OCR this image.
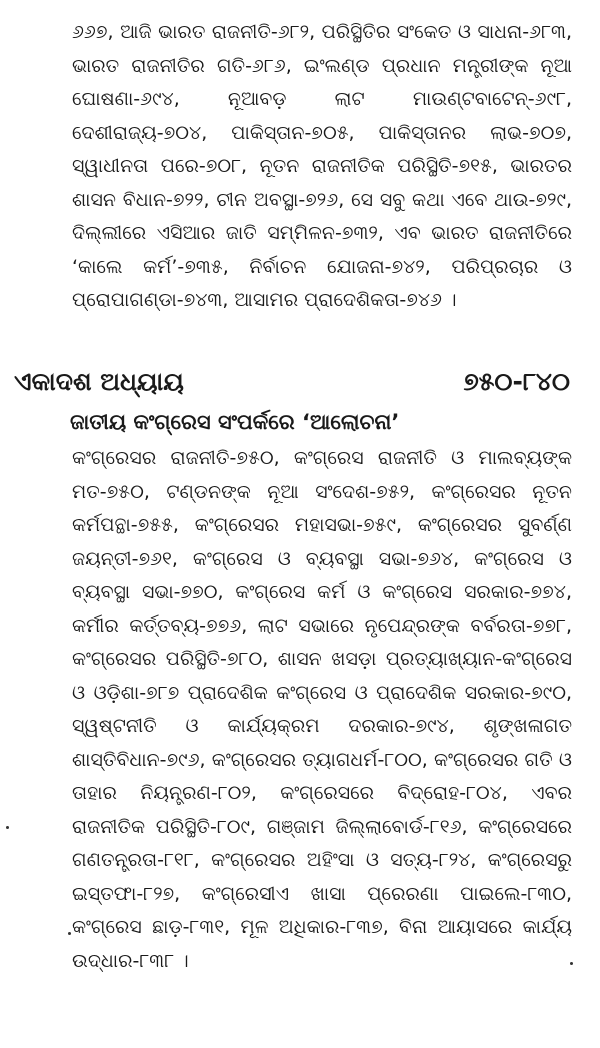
୬୬୭, ଆଜି ଭାରତ ରାଜନୀତି-୬୮୨, ପରିସ୍ଥିତିର ସଂକେତ ଓ ସାଧନା-୬୮୩, ଭାରତ ରାଜନୀତିର ଗତି-୬୮୬, ଇଂଲଣ୍ଡ ପ୍ରଧାନ ମନ୍ତ୍ରୀଙ୍କ ନୂଆ ଘୋଷଣା-୬୯୪, ନୂଆବଡ଼ ଲାଟ ମାଉଣ୍ଟବାଟେନ୍-୬୯୮, ଦେଶୀରାଜ୍ୟ-୭୦୪, ପାକିସ୍ତାନ-୭୦୫, ପାକିସ୍ତାନର ଲାଭ-୭୦୭, ସ୍ୱାଧୀନତା ପରେ-୭୦୮, ନୂତନ ରାଜନୀତିକ ପରିସ୍ଥିତି-୭୧୫, ଭାରତର ଶାସନ ବିଧାନ-୭୨୨, ଚୀନ ଅବସ୍ଥା-୭୨୬, ସେ ସବୁ କଥା ଏବେ ଥାଉ-୭୨୯, ଦିଲ୍ଲୀରେ ଏସିଆର ଜାତି ସମ୍ମିଳନ-୭୩୨, ଏବ ଭାରତ ରାଜନୀତିରେ ‘କାଲେ କର୍ମ’-୭୩୫, ନିର୍ବାଚନ ଯୋଜନା-୭୪୨, ପରିପ୍ରଚାର ଓ ପ୍ରୋପାଗଣ୍ଡା-୭୪୩, ଆସାମର ପ୍ରାଦେଶିକତା-୭୪୬ ।

ଏକାଦଶ ଅଧ୍ୟାୟ	୭୫୦-୮୪୦

ଜାତୀୟ କଂଗ୍ରେସ ସଂପର୍କରେ ‘ଆଲୋଚନା’

କଂଗ୍ରେସର ରାଜନୀତି-୭୫୦, କଂଗ୍ରେସ ରାଜନୀତି ଓ ମାଲବ୍ୟଙ୍କ ମତ-୭୫୦, ଟଣ୍ଡନଙ୍କ ନୂଆ ସଂଦେଶ-୭୫୨, କଂଗ୍ରେସର ନୂତନ କର୍ମପନ୍ଥା-୭୫୫, କଂଗ୍ରେସର ମହାସଭା-୭୫୯, କଂଗ୍ରେସର ସୁବର୍ଣ୍ଣ ଜୟନ୍ତୀ-୭୬୧, କଂଗ୍ରେସ ଓ ବ୍ୟବସ୍ଥା ସଭା-୭୬୪, କଂଗ୍ରେସ ଓ ବ୍ୟବସ୍ଥା ସଭା-୭୭୦, କଂଗ୍ରେସ କର୍ମ ଓ କଂଗ୍ରେସ ସରକାର-୭୭୪, କର୍ମୀର କର୍ତ୍ତବ୍ୟ-୭୭୬, ଲାଟ ସଭାରେ ନୃପେନ୍ଦ୍ରଙ୍କ ବର୍ବରତା-୭୭୮, କଂଗ୍ରେସର ପରିସ୍ଥିତି-୭୮୦, ଶାସନ ଖସଡ଼ା ପ୍ରତ୍ୟାଖ୍ୟାନ-କଂଗ୍ରେସ ଓ ଓଡ଼ିଶା-୭୮୭ ପ୍ରାଦେଶିକ କଂଗ୍ରେସ ଓ ପ୍ରାଦେଶିକ ସରକାର-୭୯୦, ସ୍ୱଷ୍ଟନୀତି ଓ କାର୍ଯ୍ୟକ୍ରମ ଦରକାର-୭୯୪, ଶୃଙ୍ଖଳାଗତ ଶାସ୍ତିବିଧାନ-୭୯୬, କଂଗ୍ରେସର ତ୍ୟାଗଧର୍ମ-୮୦୦, କଂଗ୍ରେସର ଗତି ଓ ତାହାର ନିୟନ୍ତ୍ରଣ-୮୦୨, କଂଗ୍ରେସରେ ବିଦ୍ରୋହ-୮୦୪, ଏବର ରାଜନୀତିକ ପରିସ୍ଥିତି-୮୦୯, ଗଞ୍ଜାମ ଜିଲ୍ଲାବୋର୍ଡ-୮୧୬, କଂଗ୍ରେସରେ ଗଣତନ୍ତ୍ରତା-୮୧୮, କଂଗ୍ରେସର ଅହିଂସା ଓ ସତ୍ୟ-୮୨୪, କଂଗ୍ରେସରୁ ଇସ୍ତଫା-୮୨୭, କଂଗ୍ରେସୀଏ ଖାସା ପ୍ରେରଣା ପାଇଲେ-୮୩୦, କଂଗ୍ରେସ ଛାଡ଼-୮୩୧, ମୂଳ ଅଧିକାର-୮୩୭, ବିନା ଆୟାସରେ କାର୍ଯ୍ୟ ଉଦ୍ଧାର-୮୩୮ ।
